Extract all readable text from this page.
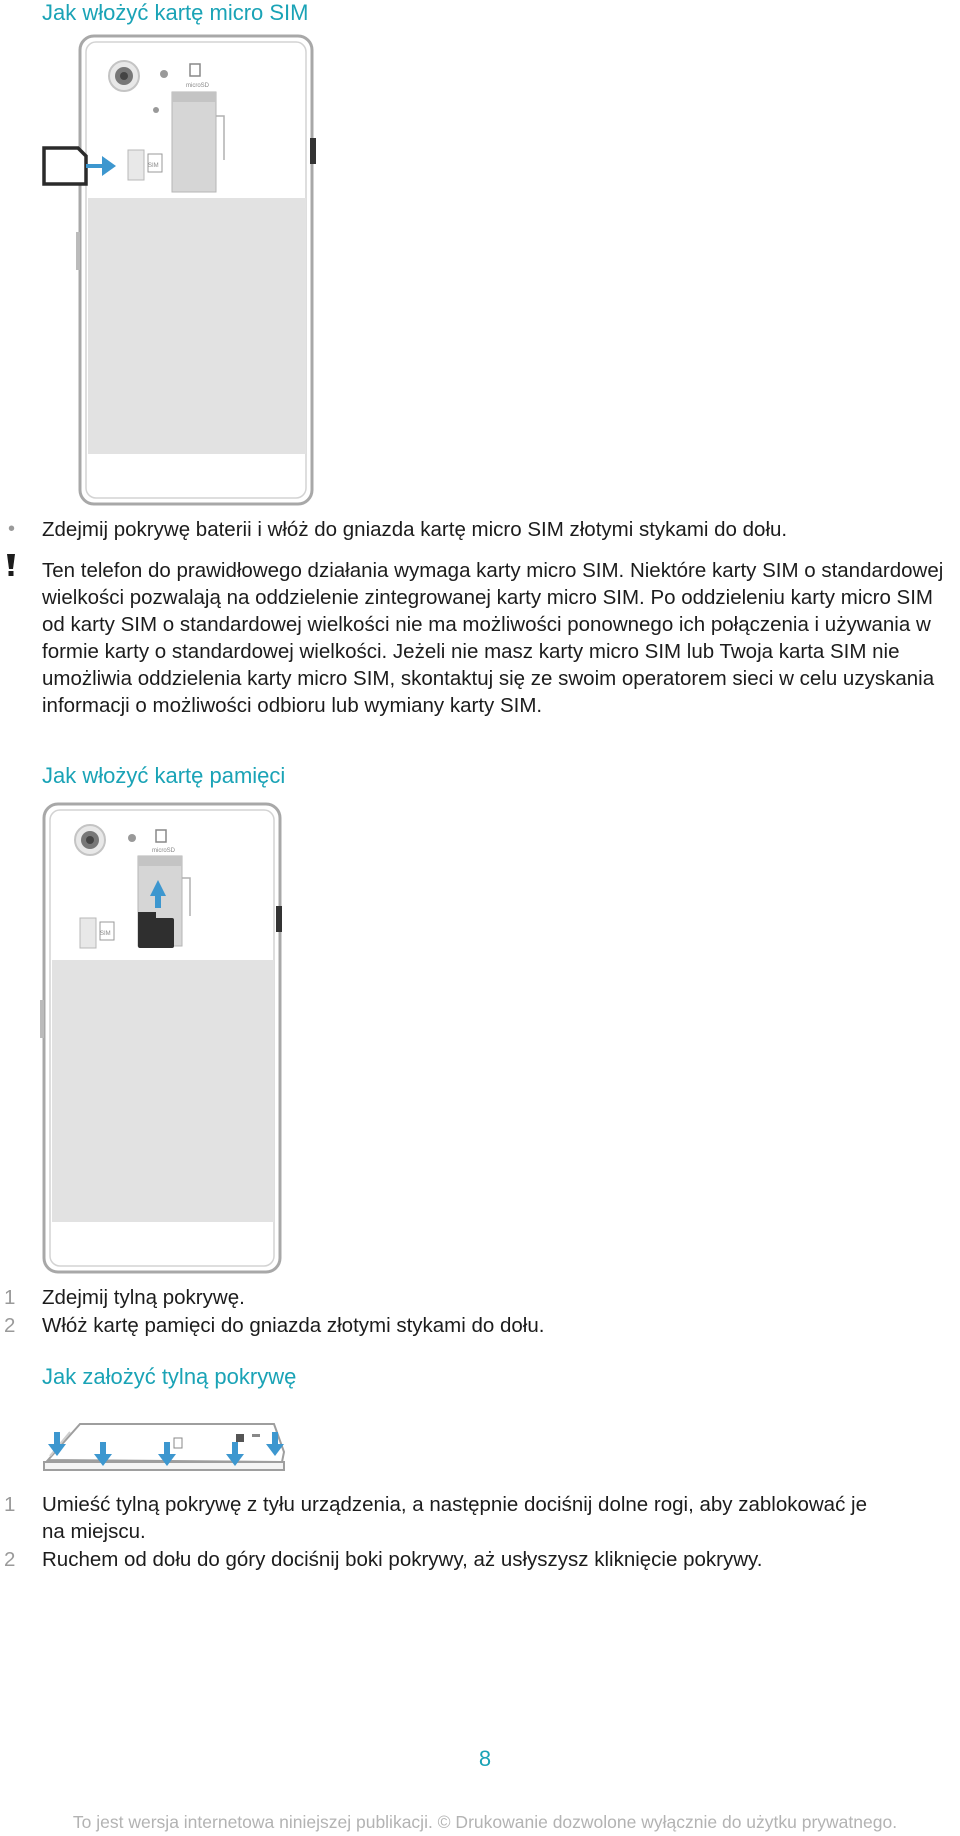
Jak włożyć kartę micro SIM
microSD
SIM
• Zdejmij pokrywę baterii i włóż do gniazda kartę micro SIM złotymi stykami do dołu.

Ten telefon do prawidłowego działania wymaga karty micro SIM. Niektóre karty SIM o standardowej wielkości pozwalają na oddzielenie zintegrowanej karty micro SIM. Po oddzieleniu karty micro SIM od karty SIM o standardowej wielkości nie ma możliwości ponownego ich połączenia i używania w formie karty o standardowej wielkości. Jeżeli nie masz karty micro SIM lub Twoja karta SIM nie umożliwia oddzielenia karty micro SIM, skontaktuj się ze swoim operatorem sieci w celu uzyskania informacji o możliwości odbioru lub wymiany karty SIM.

Jak włożyć kartę pamięci
microSD
SIM
1 Zdejmij tylną pokrywę.
2 Włóż kartę pamięci do gniazda złotymi stykami do dołu.
Jak założyć tylną pokrywę
1 Umieść tylną pokrywę z tyłu urządzenia, a następnie dociśnij dolne rogi, aby zablokować je na miejscu.
2 Ruchem od dołu do góry dociśnij boki pokrywy, aż usłyszysz kliknięcie pokrywy.
8
To jest wersja internetowa niniejszej publikacji. © Drukowanie dozwolone wyłącznie do użytku prywatnego.
